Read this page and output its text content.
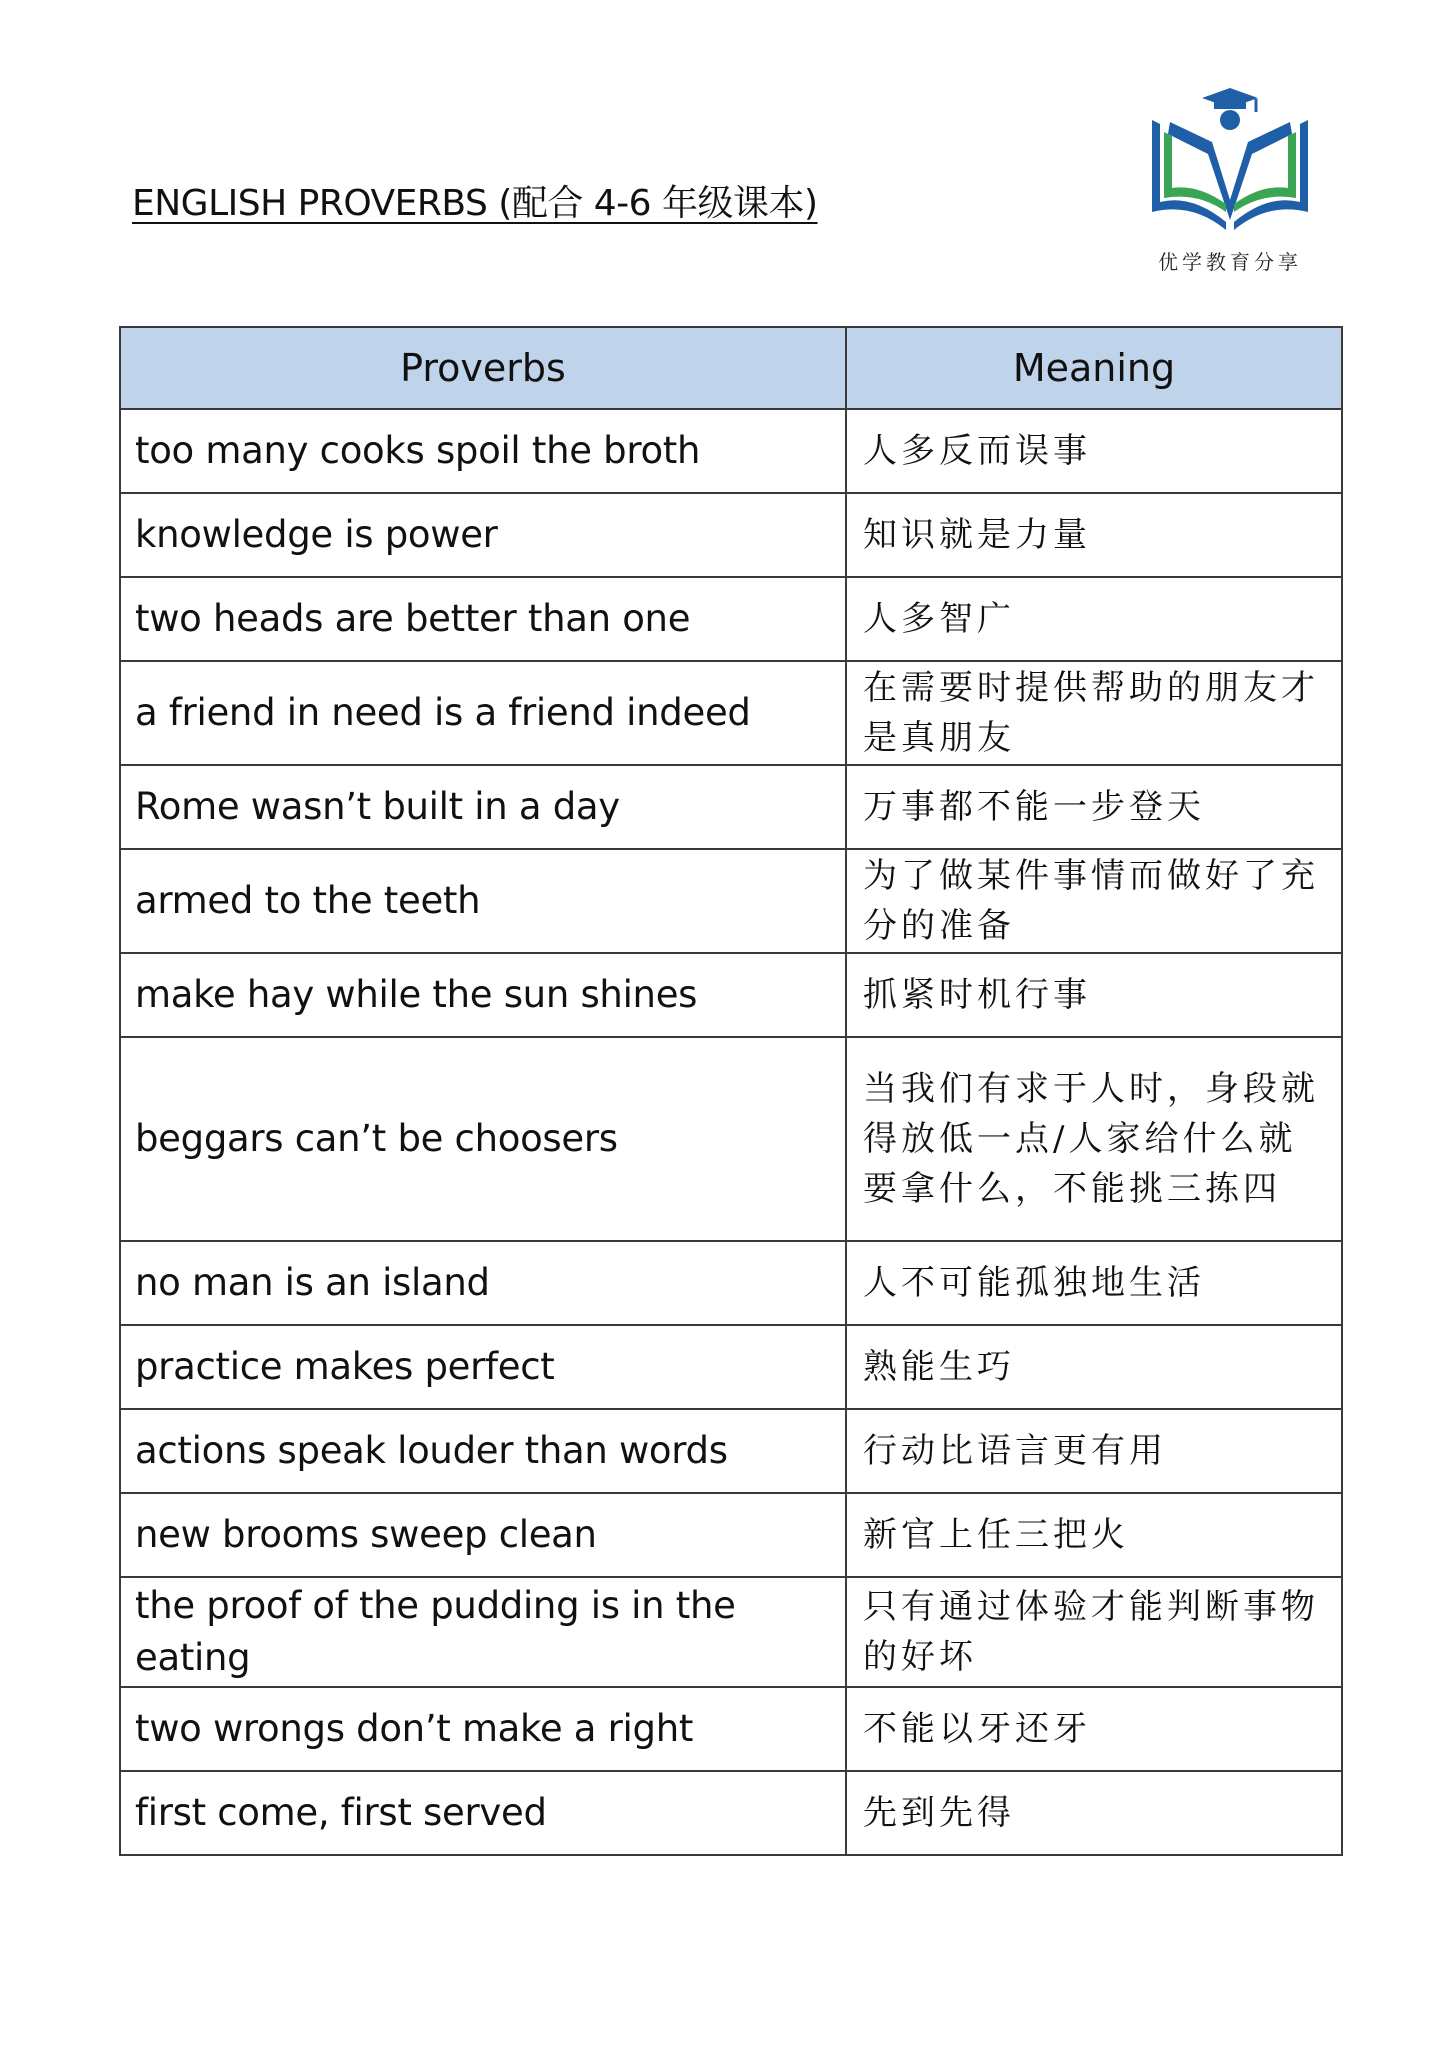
ENGLISH PROVERBS (配合 4-6 年级课本)
优学教育分享
Proverbs	Meaning
too many cooks spoil the broth	人多反而误事
knowledge is power	知识就是力量
two heads are better than one	人多智广
a friend in need is a friend indeed	在需要时提供帮助的朋友才是真朋友
Rome wasn’t built in a day	万事都不能一步登天
armed to the teeth	为了做某件事情而做好了充分的准备
make hay while the sun shines	抓紧时机行事
beggars can’t be choosers	当我们有求于人时，身段就得放低一点/人家给什么就要拿什么，不能挑三拣四
no man is an island	人不可能孤独地生活
practice makes perfect	熟能生巧
actions speak louder than words	行动比语言更有用
new brooms sweep clean	新官上任三把火
the proof of the pudding is in the eating	只有通过体验才能判断事物的好坏
two wrongs don’t make a right	不能以牙还牙
first come, first served	先到先得
